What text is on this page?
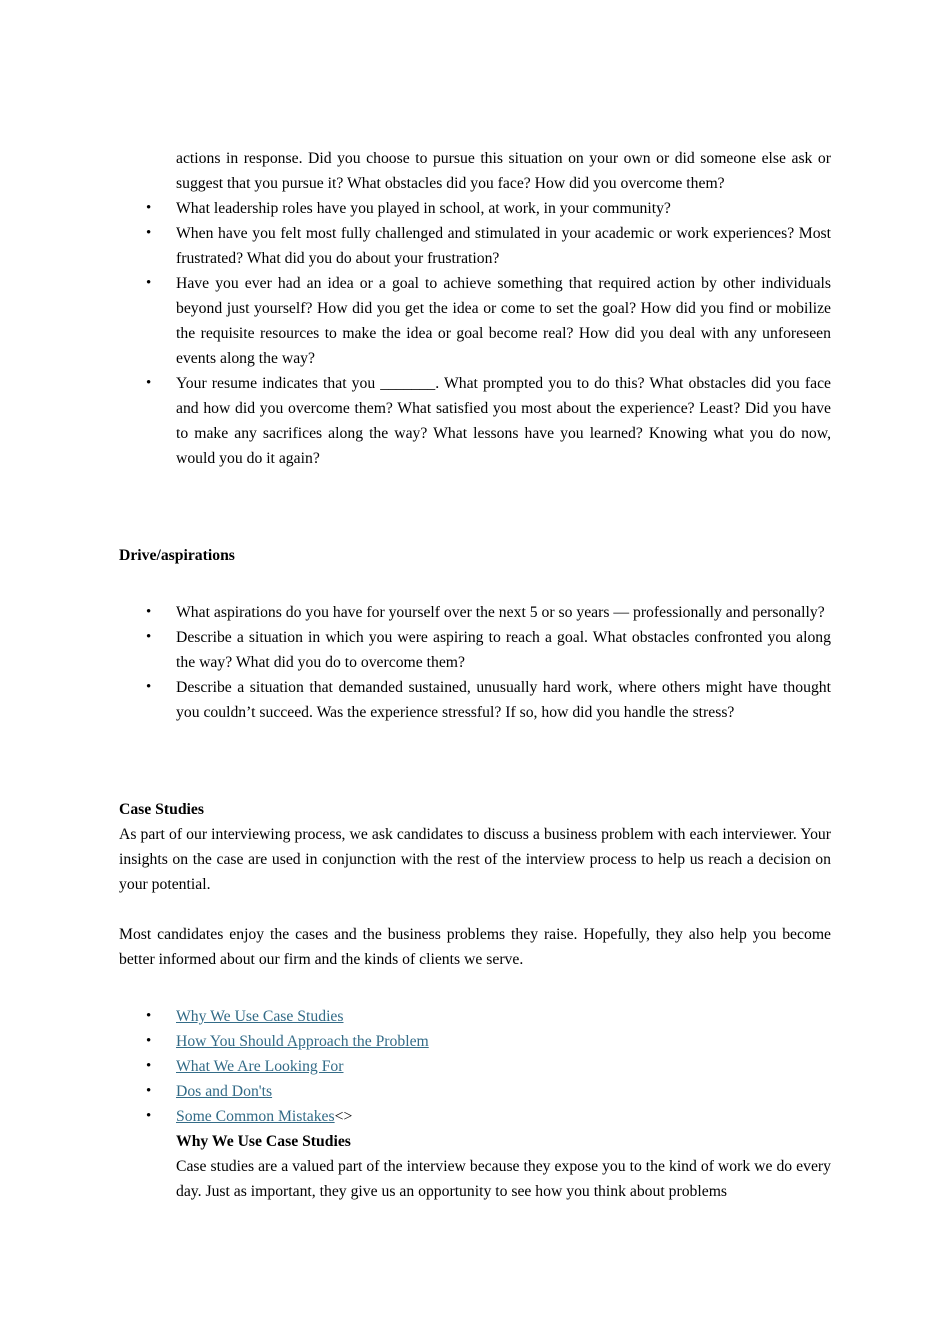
actions in response. Did you choose to pursue this situation on your own or did someone else ask or suggest that you pursue it? What obstacles did you face? How did you overcome them?
• What leadership roles have you played in school, at work, in your community?
• When have you felt most fully challenged and stimulated in your academic or work experiences? Most frustrated? What did you do about your frustration?
• Have you ever had an idea or a goal to achieve something that required action by other individuals beyond just yourself? How did you get the idea or come to set the goal? How did you find or mobilize the requisite resources to make the idea or goal become real? How did you deal with any unforeseen events along the way?
• Your resume indicates that you _______. What prompted you to do this? What obstacles did you face and how did you overcome them? What satisfied you most about the experience? Least? Did you have to make any sacrifices along the way? What lessons have you learned? Knowing what you do now, would you do it again?
Drive/aspirations
• What aspirations do you have for yourself over the next 5 or so years — professionally and personally?
• Describe a situation in which you were aspiring to reach a goal. What obstacles confronted you along the way? What did you do to overcome them?
• Describe a situation that demanded sustained, unusually hard work, where others might have thought you couldn’t succeed. Was the experience stressful? If so, how did you handle the stress?
Case Studies
As part of our interviewing process, we ask candidates to discuss a business problem with each interviewer. Your insights on the case are used in conjunction with the rest of the interview process to help us reach a decision on your potential.
Most candidates enjoy the cases and the business problems they raise. Hopefully, they also help you become better informed about our firm and the kinds of clients we serve.
• Why We Use Case Studies
• How You Should Approach the Problem
• What We Are Looking For
• Dos and Don'ts
• Some Common Mistakes<>
Why We Use Case Studies
Case studies are a valued part of the interview because they expose you to the kind of work we do every day. Just as important, they give us an opportunity to see how you think about problems
